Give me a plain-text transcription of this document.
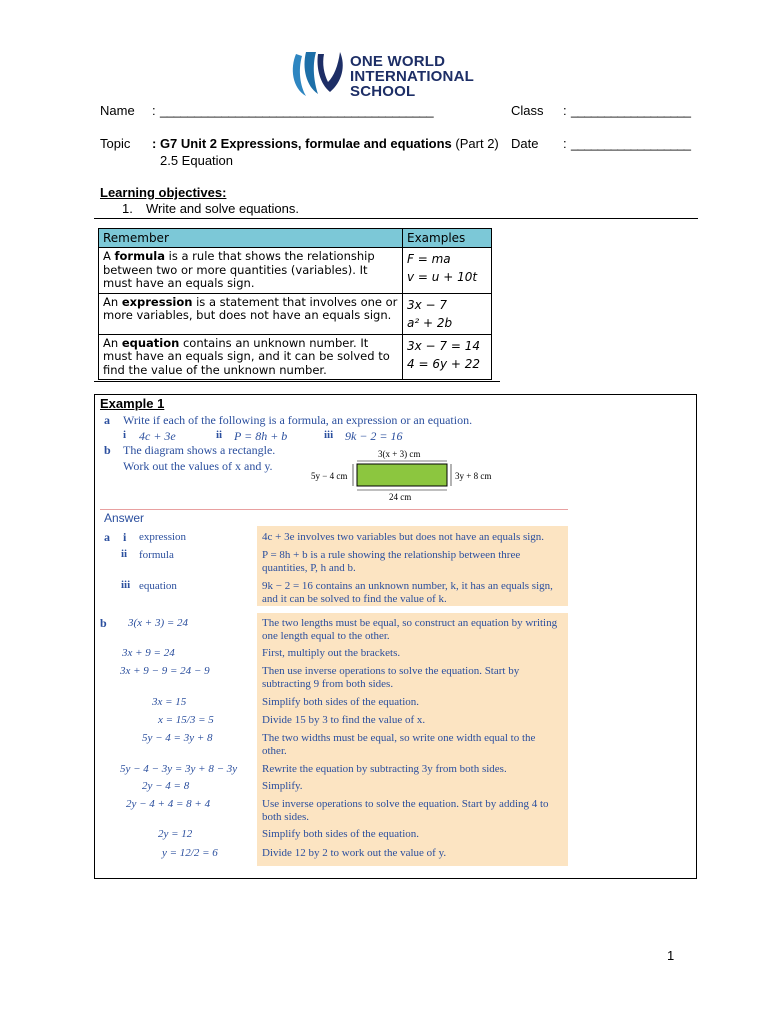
ONE WORLD
INTERNATIONAL
SCHOOL
Name : ________________________________________	Class : __________________
Topic : G7 Unit 2 Expressions, formulae and equations (Part 2)
2.5 Equation
Date : __________________
Learning objectives:
1. Write and solve equations.
Remember	Examples
A formula is a rule that shows the relationship between two or more quantities (variables). It must have an equals sign.	F = ma
v = u + 10t

An expression is a statement that involves one or more variables, but does not have an equals sign.	3x − 7
a² + 2b

An equation contains an unknown number. It must have an equals sign, and it can be solved to find the value of the unknown number.	3x − 7 = 14
4 = 6y + 22
Example 1
a Write if each of the following is a formula, an expression or an equation.
i 4c + 3e	ii P = 8h + b	iii 9k − 2 = 16
b The diagram shows a rectangle.
Work out the values of x and y.
3(x + 3) cm
5y − 4 cm	3y + 8 cm
24 cm
Answer
a i expression	4c + 3e involves two variables but does not have an equals sign.
ii formula	P = 8h + b is a rule showing the relationship between three quantities, P, h and b.
iii equation	9k − 2 = 16 contains an unknown number, k, it has an equals sign, and it can be solved to find the value of k.
b 3(x + 3) = 24	The two lengths must be equal, so construct an equation by writing one length equal to the other.
3x + 9 = 24	First, multiply out the brackets.
3x + 9 − 9 = 24 − 9	Then use inverse operations to solve the equation. Start by subtracting 9 from both sides.
3x = 15	Simplify both sides of the equation.
x = 15/3 = 5	Divide 15 by 3 to find the value of x.
5y − 4 = 3y + 8	The two widths must be equal, so write one width equal to the other.
5y − 4 − 3y = 3y + 8 − 3y Rewrite the equation by subtracting 3y from both sides.
2y − 4 = 8	Simplify.
2y − 4 + 4 = 8 + 4	Use inverse operations to solve the equation. Start by adding 4 to both sides.
2y = 12	Simplify both sides of the equation.
y = 12/2 = 6	Divide 12 by 2 to work out the value of y.
1
